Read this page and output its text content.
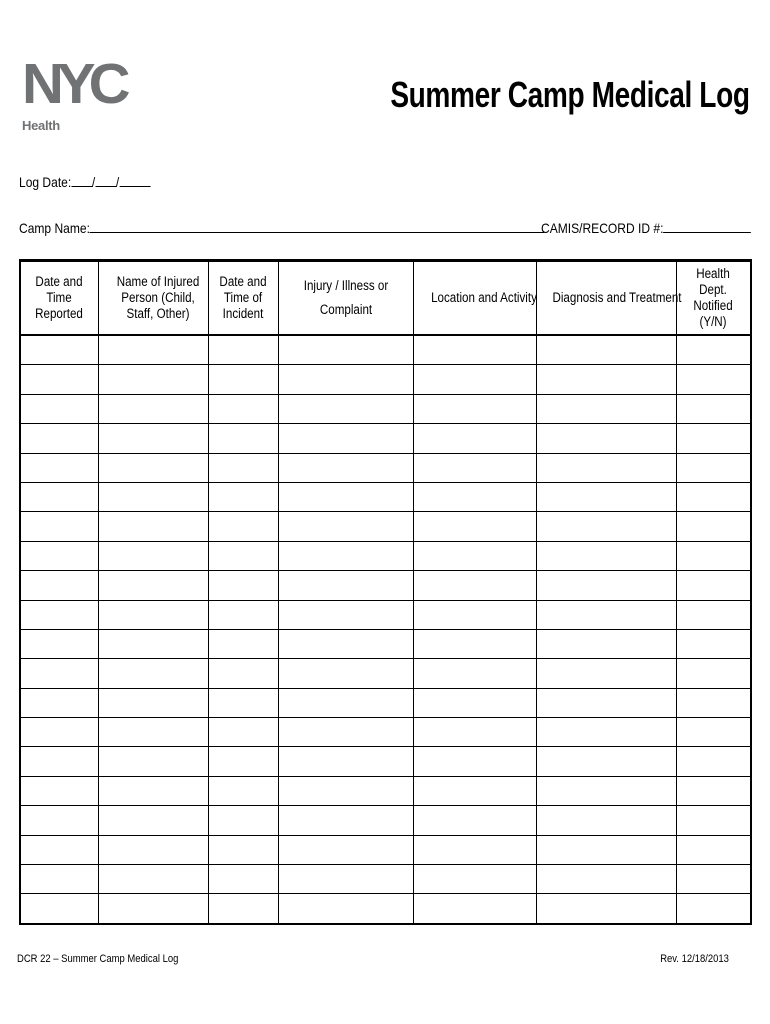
NYC
Health
Summer Camp Medical Log
Log Date: / /
Camp Name:	CAMIS/RECORD ID #:
Date and Time Reported	Name of Injured Person (Child, Staff, Other)	Date and Time of Incident	Injury / Illness or Complaint	Location and Activity	Diagnosis and Treatment	Health Dept. Notified (Y/N)

DCR 22 – Summer Camp Medical Log	Rev. 12/18/2013
